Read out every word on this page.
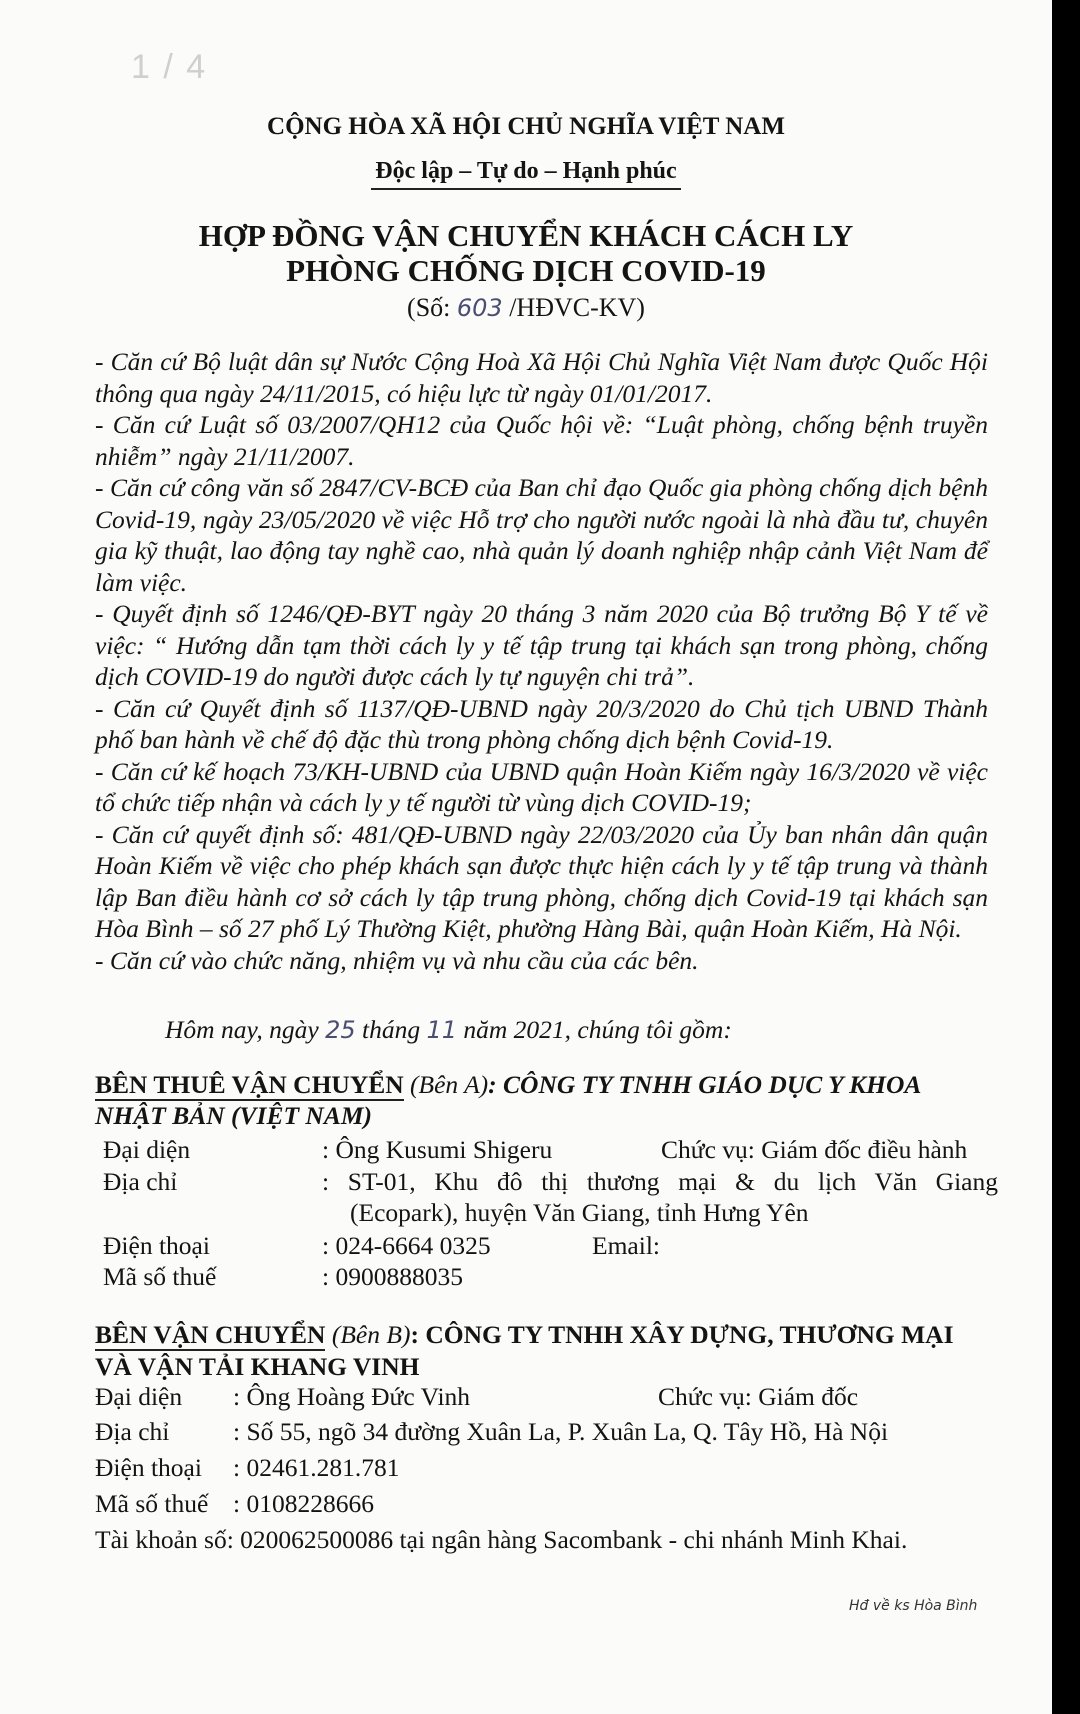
1 / 4
CỘNG HÒA XÃ HỘI CHỦ NGHĨA VIỆT NAM
Độc lập – Tự do – Hạnh phúc
HỢP ĐỒNG VẬN CHUYỂN KHÁCH CÁCH LY
PHÒNG CHỐNG DỊCH COVID-19
(Số: 603 /HĐVC-KV)

- Căn cứ Bộ luật dân sự Nước Cộng Hoà Xã Hội Chủ Nghĩa Việt Nam được Quốc Hội thông qua ngày 24/11/2015, có hiệu lực từ ngày 01/01/2017.

- Căn cứ Luật số 03/2007/QH12 của Quốc hội về: “Luật phòng, chống bệnh truyền nhiễm” ngày 21/11/2007.

- Căn cứ công văn số 2847/CV-BCĐ của Ban chỉ đạo Quốc gia phòng chống dịch bệnh Covid-19, ngày 23/05/2020 về việc Hỗ trợ cho người nước ngoài là nhà đầu tư, chuyên gia kỹ thuật, lao động tay nghề cao, nhà quản lý doanh nghiệp nhập cảnh Việt Nam để làm việc.

- Quyết định số 1246/QĐ-BYT ngày 20 tháng 3 năm 2020 của Bộ trưởng Bộ Y tế về việc: “ Hướng dẫn tạm thời cách ly y tế tập trung tại khách sạn trong phòng, chống dịch COVID-19 do người được cách ly tự nguyện chi trả”.

- Căn cứ Quyết định số 1137/QĐ-UBND ngày 20/3/2020 do Chủ tịch UBND Thành phố ban hành về chế độ đặc thù trong phòng chống dịch bệnh Covid-19.

- Căn cứ kế hoạch 73/KH-UBND của UBND quận Hoàn Kiếm ngày 16/3/2020 về việc tổ chức tiếp nhận và cách ly y tế người từ vùng dịch COVID-19;

- Căn cứ quyết định số: 481/QĐ-UBND ngày 22/03/2020 của Ủy ban nhân dân quận Hoàn Kiếm về việc cho phép khách sạn được thực hiện cách ly y tế tập trung và thành lập Ban điều hành cơ sở cách ly tập trung phòng, chống dịch Covid-19 tại khách sạn Hòa Bình – số 27 phố Lý Thường Kiệt, phường Hàng Bài, quận Hoàn Kiếm, Hà Nội.

- Căn cứ vào chức năng, nhiệm vụ và nhu cầu của các bên.

Hôm nay, ngày 25 tháng 11 năm 2021, chúng tôi gồm:
BÊN THUÊ VẬN CHUYỂN (Bên A): CÔNG TY TNHH GIÁO DỤC Y KHOA
NHẬT BẢN (VIỆT NAM)
Đại diện	: Ông Kusumi Shigeru	Chức vụ: Giám đốc điều hành
Địa chỉ	: ST-01, Khu đô thị thương mại & du lịch Văn Giang
(Ecopark), huyện Văn Giang, tỉnh Hưng Yên
Điện thoại	: 024-6664 0325	Email:
Mã số thuế	: 0900888035
BÊN VẬN CHUYỂN (Bên B): CÔNG TY TNHH XÂY DỰNG, THƯƠNG MẠI
VÀ VẬN TẢI KHANG VINH
Đại diện : Ông Hoàng Đức Vinh	Chức vụ: Giám đốc
Địa chỉ : Số 55, ngõ 34 đường Xuân La, P. Xuân La, Q. Tây Hồ, Hà Nội
Điện thoại : 02461.281.781
Mã số thuế : 0108228666
Tài khoản số: 020062500086 tại ngân hàng Sacombank - chi nhánh Minh Khai.
Hđ về ks Hòa Bình
